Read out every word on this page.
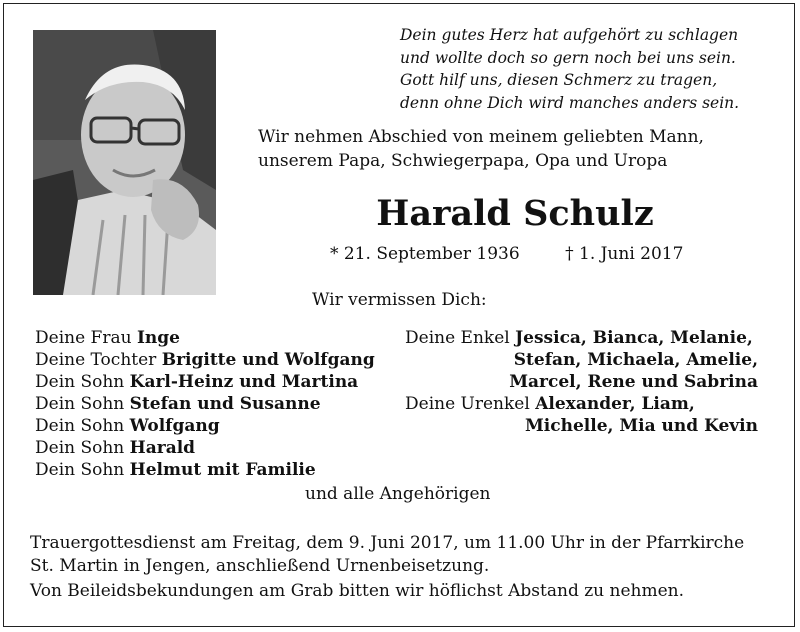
Dein gutes Herz hat aufgehört zu schlagen
und wollte doch so gern noch bei uns sein.
Gott hilf uns, diesen Schmerz zu tragen,
denn ohne Dich wird manches anders sein.
Wir nehmen Abschied von meinem geliebten Mann,
unserem Papa, Schwiegerpapa, Opa und Uropa
Harald Schulz
* 21. September 1936	† 1. Juni 2017
Wir vermissen Dich:
Deine Frau Inge
Deine Tochter Brigitte und Wolfgang
Dein Sohn Karl-Heinz und Martina
Dein Sohn Stefan und Susanne
Dein Sohn Wolfgang
Dein Sohn Harald
Dein Sohn Helmut mit Familie
Deine Enkel Jessica, Bianca, Melanie,
Stefan, Michaela, Amelie,
Marcel, Rene und Sabrina
Deine Urenkel Alexander, Liam,
Michelle, Mia und Kevin
und alle Angehörigen
Trauergottesdienst am Freitag, dem 9. Juni 2017, um 11.00 Uhr in der Pfarrkirche
St. Martin in Jengen, anschließend Urnenbeisetzung.
Von Beileidsbekundungen am Grab bitten wir höflichst Abstand zu nehmen.
